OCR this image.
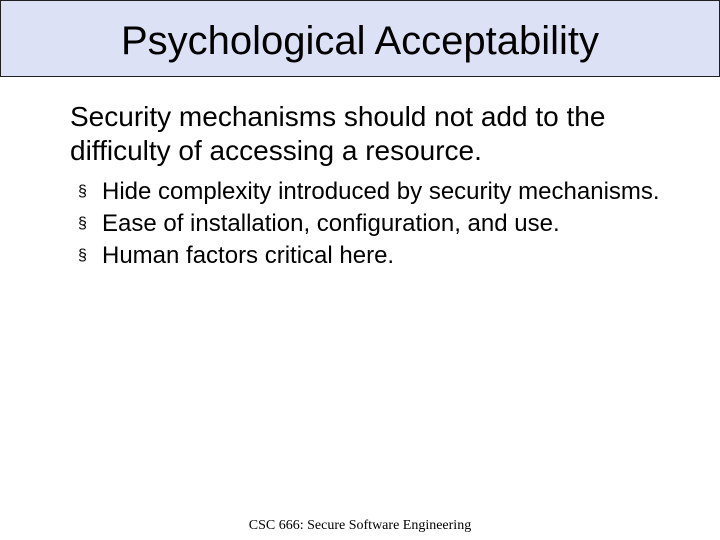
Psychological Acceptability

Security mechanisms should not add to the difficulty of accessing a resource.

§ Hide complexity introduced by security mechanisms.
§ Ease of installation, configuration, and use.
§ Human factors critical here.
CSC 666: Secure Software Engineering
